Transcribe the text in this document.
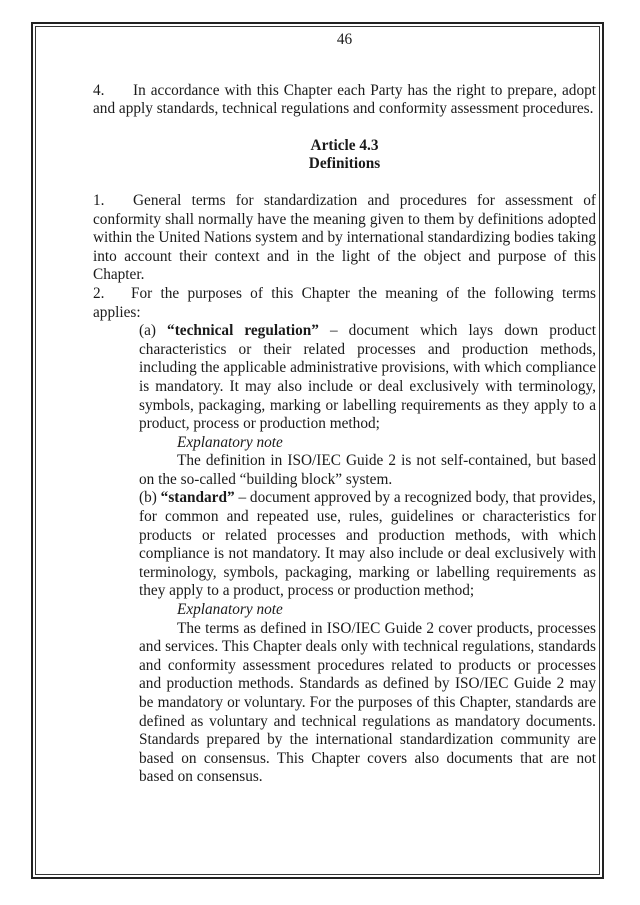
46

4. In accordance with this Chapter each Party has the right to prepare, adopt and apply standards, technical regulations and conformity assessment procedures.

Article 4.3
Definitions

1. General terms for standardization and procedures for assessment of conformity shall normally have the meaning given to them by definitions adopted within the United Nations system and by international standardizing bodies taking into account their context and in the light of the object and purpose of this Chapter.

2. For the purposes of this Chapter the meaning of the following terms applies:

(a) “technical regulation” – document which lays down product characteristics or their related processes and production methods, including the applicable administrative provisions, with which compliance is mandatory. It may also include or deal exclusively with terminology, symbols, packaging, marking or labelling requirements as they apply to a product, process or production method;

Explanatory note

The definition in ISO/IEC Guide 2 is not self-contained, but based on the so-called “building block” system.

(b) “standard” – document approved by a recognized body, that provides, for common and repeated use, rules, guidelines or characteristics for products or related processes and production methods, with which compliance is not mandatory. It may also include or deal exclusively with terminology, symbols, packaging, marking or labelling requirements as they apply to a product, process or production method;

Explanatory note

The terms as defined in ISO/IEC Guide 2 cover products, processes and services. This Chapter deals only with technical regulations, standards and conformity assessment procedures related to products or processes and production methods. Standards as defined by ISO/IEC Guide 2 may be mandatory or voluntary. For the purposes of this Chapter, standards are defined as voluntary and technical regulations as mandatory documents. Standards prepared by the international standardization community are based on consensus. This Chapter covers also documents that are not based on consensus.
